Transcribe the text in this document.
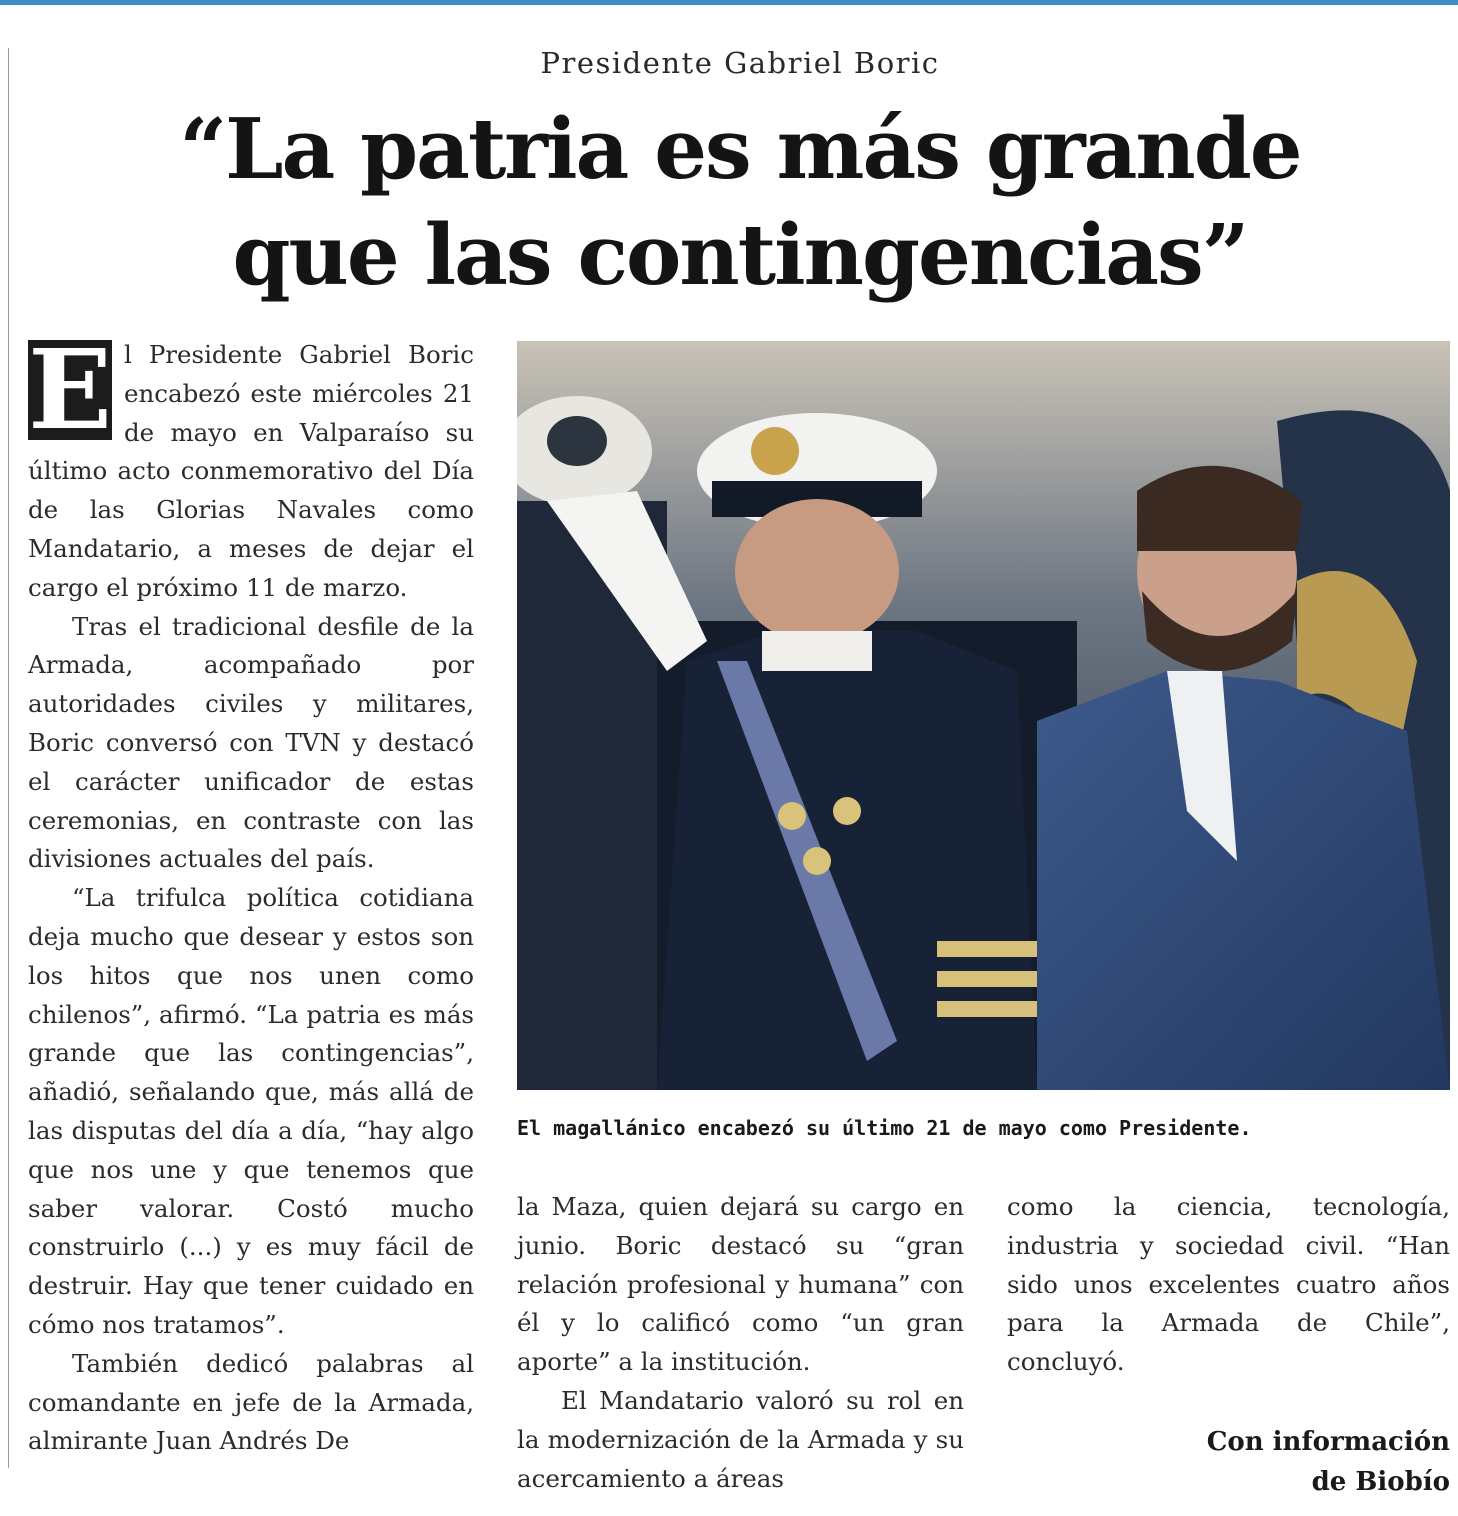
Presidente Gabriel Boric

“La patria es más grande
que las contingencias”

E l Presidente Gabriel Boric encabezó este miércoles 21 de mayo en Valparaíso su último acto conmemorativo del Día de las Glorias Navales como Mandatario, a meses de dejar el cargo el próximo 11 de marzo.

Tras el tradicional desfile de la Armada, acompañado por autoridades civiles y militares, Boric conversó con TVN y destacó el carácter unificador de estas ceremonias, en contraste con las divisiones actuales del país.

“La trifulca política cotidiana deja mucho que desear y estos son los hitos que nos unen como chilenos”, afirmó. “La patria es más grande que las contingencias”, añadió, señalando que, más allá de las disputas del día a día, “hay algo que nos une y que tenemos que saber valorar. Costó mucho construirlo (...) y es muy fácil de destruir. Hay que tener cuidado en cómo nos tratamos”.

También dedicó palabras al comandante en jefe de la Armada, almirante Juan Andrés De

El magallánico encabezó su último 21 de mayo como Presidente.

la Maza, quien dejará su cargo en junio. Boric destacó su “gran relación profesional y humana” con él y lo calificó como “un gran aporte” a la institución.

El Mandatario valoró su rol en la modernización de la Armada y su acercamiento a áreas

como la ciencia, tecnología, industria y sociedad civil. “Han sido unos excelentes cuatro años para la Armada de Chile”, concluyó.

Con información
de Biobío
